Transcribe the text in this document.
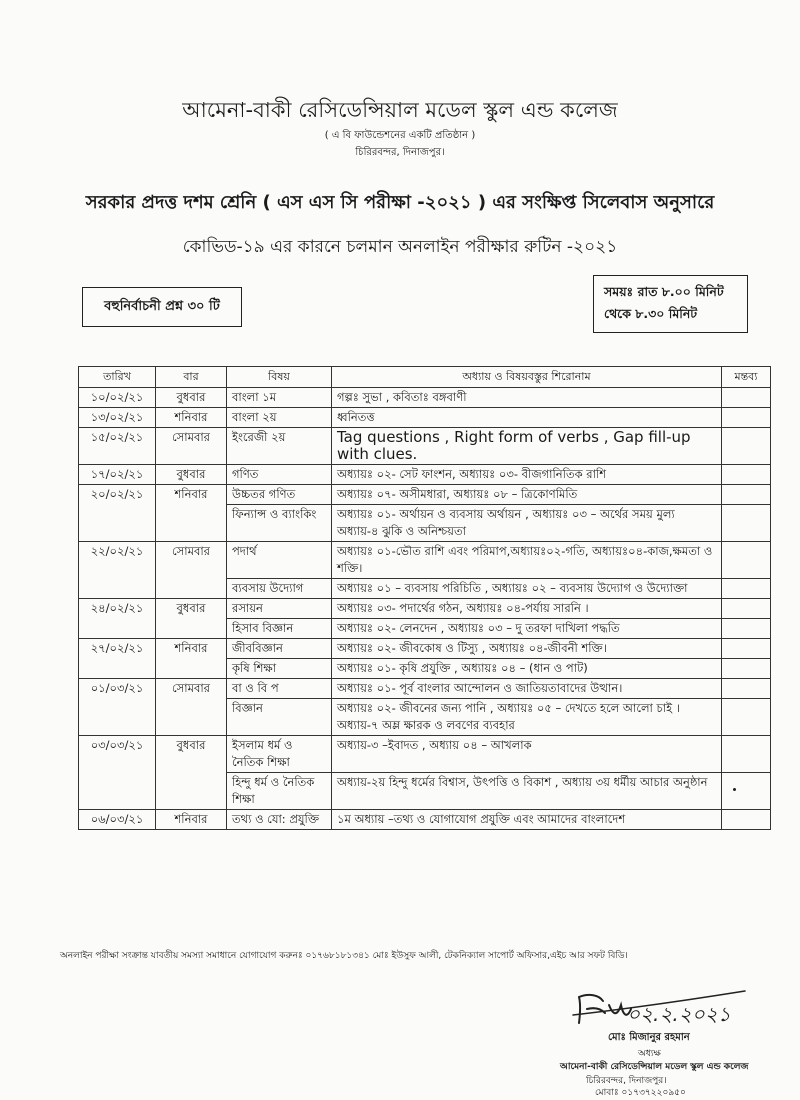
আমেনা-বাকী রেসিডেন্সিয়াল মডেল স্কুল এন্ড কলেজ
( এ বি ফাউন্ডেশনের একটি প্রতিষ্ঠান )
চিরিরবন্দর, দিনাজপুর।
সরকার প্রদত্ত দশম শ্রেনি ( এস এস সি পরীক্ষা -২০২১ ) এর সংক্ষিপ্ত সিলেবাস অনুসারে
কোভিড-১৯ এর কারনে চলমান অনলাইন পরীক্ষার রুটিন -২০২১
বহুনির্বাচনী প্রশ্ন ৩০ টি
সময়ঃ রাত ৮.০০ মিনিট
থেকে ৮.৩০ মিনিট
তারিখ	বার	বিষয়	অধ্যায় ও বিষয়বস্তুর শিরোনাম	মন্তব্য
১০/০২/২১	বুধবার	বাংলা ১ম	গল্পঃ সুভা , কবিতাঃ বঙ্গবাণী	
১৩/০২/২১	শনিবার	বাংলা ২য়	ধ্বনিতত্ত	
১৫/০২/২১	সোমবার	ইংরেজী ২য়	Tag questions , Right form of verbs , Gap fill-up with clues.	
১৭/০২/২১	বুধবার	গণিত	অধ্যায়ঃ ০২- সেট ফাংশন, অধ্যায়ঃ ০৩- বীজগানিতিক রাশি	
২০/০২/২১	শনিবার	উচ্চতর গণিত	অধ্যায়ঃ ০৭- অসীমধারা, অধ্যায়ঃ ০৮ – ত্রিকোণমিতি	
		ফিন্যান্স ও ব্যাংকিং	অধ্যায়ঃ ০১- অর্থায়ন ও ব্যবসায় অর্থায়ন , অধ্যায়ঃ ০৩ – অর্থের সময় মুল্য অধ্যায়-৪ ঝুকি ও অনিশ্চয়তা	
২২/০২/২১	সোমবার	পদার্থ	অধ্যায়ঃ ০১-ভৌত রাশি এবং পরিমাপ,অধ্যায়ঃ০২-গতি, অধ্যায়ঃ০৪-কাজ,ক্ষমতা ও শক্তি।	
		ব্যবসায় উদ্যোগ	অধ্যায়ঃ ০১ – ব্যবসায় পরিচিতি , অধ্যায়ঃ ০২ – ব্যবসায় উদ্যোগ ও উদ্যোক্তা	
২৪/০২/২১	বুধবার	রসায়ন	অধ্যায়ঃ ০৩- পদার্থের গঠন, অধ্যায়ঃ ০৪-পর্যায় সারনি ।	
		হিসাব বিজ্ঞান	অধ্যায়ঃ ০২- লেনদেন , অধ্যায়ঃ ০৩ – দু তরফা দাখিলা পদ্ধতি	
২৭/০২/২১	শনিবার	জীববিজ্ঞান	অধ্যায়ঃ ০২- জীবকোষ ও টিস্যু , অধ্যায়ঃ ০৪-জীবনী শক্তি।	
		কৃষি শিক্ষা	অধ্যায়ঃ ০১- কৃষি প্রযুক্তি , অধ্যায়ঃ ০৪ – (ধান ও পাট)	
০১/০৩/২১	সোমবার	বা ও বি প	অধ্যায়ঃ ০১- পূর্ব বাংলার আন্দোলন ও জাতিয়তাবাদের উত্থান।	
		বিজ্ঞান	অধ্যায়ঃ ০২- জীবনের জন্য পানি , অধ্যায়ঃ ০৫ – দেখতে হলে আলো চাই । অধ্যায়-৭ অম্ল ক্ষারক ও লবণের ব্যবহার	
০৩/০৩/২১	বুধবার	ইসলাম ধর্ম ও নৈতিক শিক্ষা	অধ্যায়-৩ –ইবাদত , অধ্যায় ০৪ – আখলাক	
		হিন্দু ধর্ম ও নৈতিক শিক্ষা	অধ্যায়-২য় হিন্দু ধর্মের বিশ্বাস, উৎপত্তি ও বিকাশ , অধ্যায় ৩য় ধর্মীয় আচার অনুষ্ঠান	
০৬/০৩/২১	শনিবার	তথ্য ও যো: প্রযুক্তি	১ম অধ্যায় –তথ্য ও যোগাযোগ প্রযুক্তি এবং আমাদের বাংলাদেশ	
অনলাইন পরীক্ষা সংক্রান্ত যাবতীয় সমস্যা সমাধানে যোগাযোগ করুনঃ ০১৭৬৮১৮১৩৪১ মোঃ ইউসুফ আলী, টেকনিক্যাল সাপোর্ট অফিসার,এইচ আর সফট বিডি।
০২.২.২০২১
মোঃ মিজানুর রহমান
অধ্যক্ষ
আমেনা-বাকী রেসিডেন্সিয়াল মডেল স্কুল এন্ড কলেজ
চিরিরবন্দর, দিনাজপুর।
মোবাঃ ০১৭৩৭২২০৯৫০
